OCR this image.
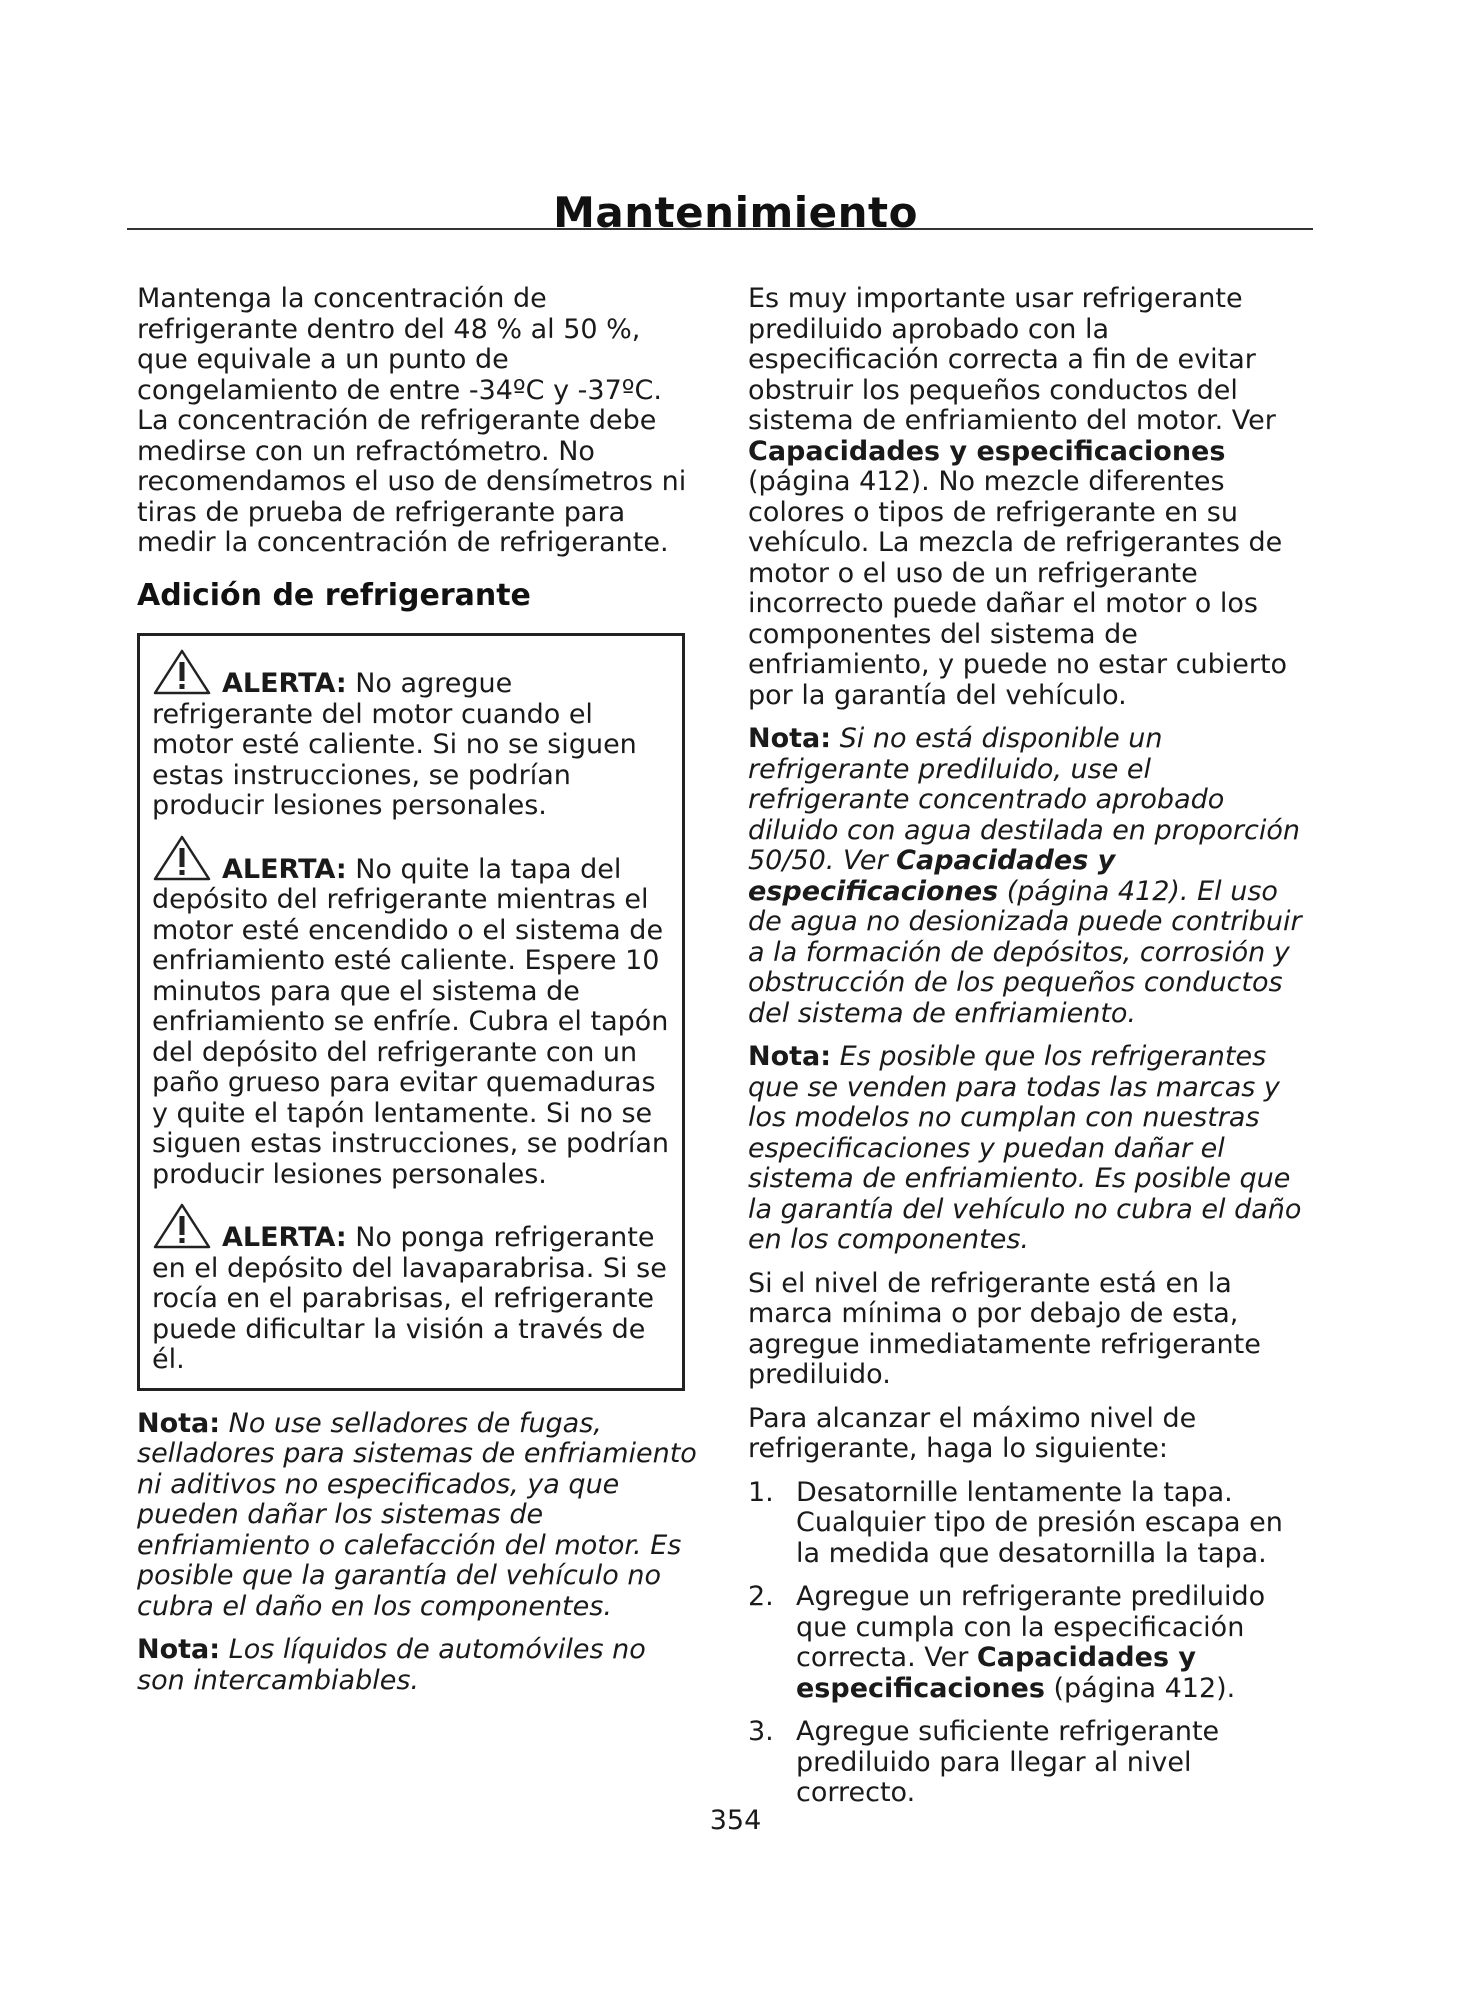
Mantenimiento

Mantenga la concentración de refrigerante dentro del 48 % al 50 %, que equivale a un punto de congelamiento de entre -34ºC y -37ºC. La concentración de refrigerante debe medirse con un refractómetro. No recomendamos el uso de densímetros ni tiras de prueba de refrigerante para medir la concentración de refrigerante.

Adición de refrigerante

ALERTA: No agregue refrigerante del motor cuando el motor esté caliente. Si no se siguen estas instrucciones, se podrían producir lesiones personales.

ALERTA: No quite la tapa del depósito del refrigerante mientras el motor esté encendido o el sistema de enfriamiento esté caliente. Espere 10 minutos para que el sistema de enfriamiento se enfríe. Cubra el tapón del depósito del refrigerante con un paño grueso para evitar quemaduras y quite el tapón lentamente. Si no se siguen estas instrucciones, se podrían producir lesiones personales.

ALERTA: No ponga refrigerante en el depósito del lavaparabrisa. Si se rocía en el parabrisas, el refrigerante puede dificultar la visión a través de él.

Nota: No use selladores de fugas, selladores para sistemas de enfriamiento ni aditivos no especificados, ya que pueden dañar los sistemas de enfriamiento o calefacción del motor. Es posible que la garantía del vehículo no cubra el daño en los componentes.

Nota: Los líquidos de automóviles no son intercambiables.

Es muy importante usar refrigerante prediluido aprobado con la especificación correcta a fin de evitar obstruir los pequeños conductos del sistema de enfriamiento del motor. Ver Capacidades y especificaciones (página 412). No mezcle diferentes colores o tipos de refrigerante en su vehículo. La mezcla de refrigerantes de motor o el uso de un refrigerante incorrecto puede dañar el motor o los componentes del sistema de enfriamiento, y puede no estar cubierto por la garantía del vehículo.

Nota: Si no está disponible un refrigerante prediluido, use el refrigerante concentrado aprobado diluido con agua destilada en proporción 50/50. Ver Capacidades y especificaciones (página 412). El uso de agua no desionizada puede contribuir a la formación de depósitos, corrosión y obstrucción de los pequeños conductos del sistema de enfriamiento.

Nota: Es posible que los refrigerantes que se venden para todas las marcas y los modelos no cumplan con nuestras especificaciones y puedan dañar el sistema de enfriamiento. Es posible que la garantía del vehículo no cubra el daño en los componentes.

Si el nivel de refrigerante está en la marca mínima o por debajo de esta, agregue inmediatamente refrigerante prediluido.

Para alcanzar el máximo nivel de refrigerante, haga lo siguiente:

1. Desatornille lentamente la tapa. Cualquier tipo de presión escapa en la medida que desatornilla la tapa.
2. Agregue un refrigerante prediluido que cumpla con la especificación correcta. Ver Capacidades y especificaciones (página 412).
3. Agregue suficiente refrigerante prediluido para llegar al nivel correcto.
354
